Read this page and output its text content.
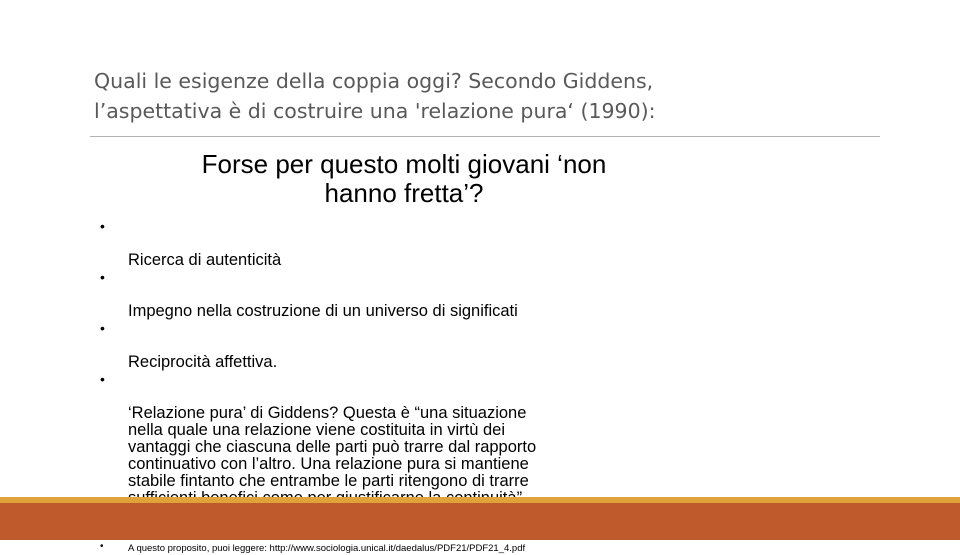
Quali le esigenze della coppia oggi? Secondo Giddens,
l’aspettativa è di costruire una 'relazione pura‘ (1990):
Forse per questo molti giovani ‘non
hanno fretta’?

•

Ricerca di autenticità

•

Impegno nella costruzione di un universo di significati

•

Reciprocità affettiva.

•

‘Relazione pura’ di Giddens? Questa è “una situazione
nella quale una relazione viene costituita in virtù dei
vantaggi che ciascuna delle parti può trarre dal rapporto
continuativo con l’altro. Una relazione pura si mantiene
stabile fintanto che entrambe le parti ritengono di trarre

•	A questo proposito, puoi leggere: http://www.sociologia.unical.it/daedalus/PDF21/PDF21_4.pdf
